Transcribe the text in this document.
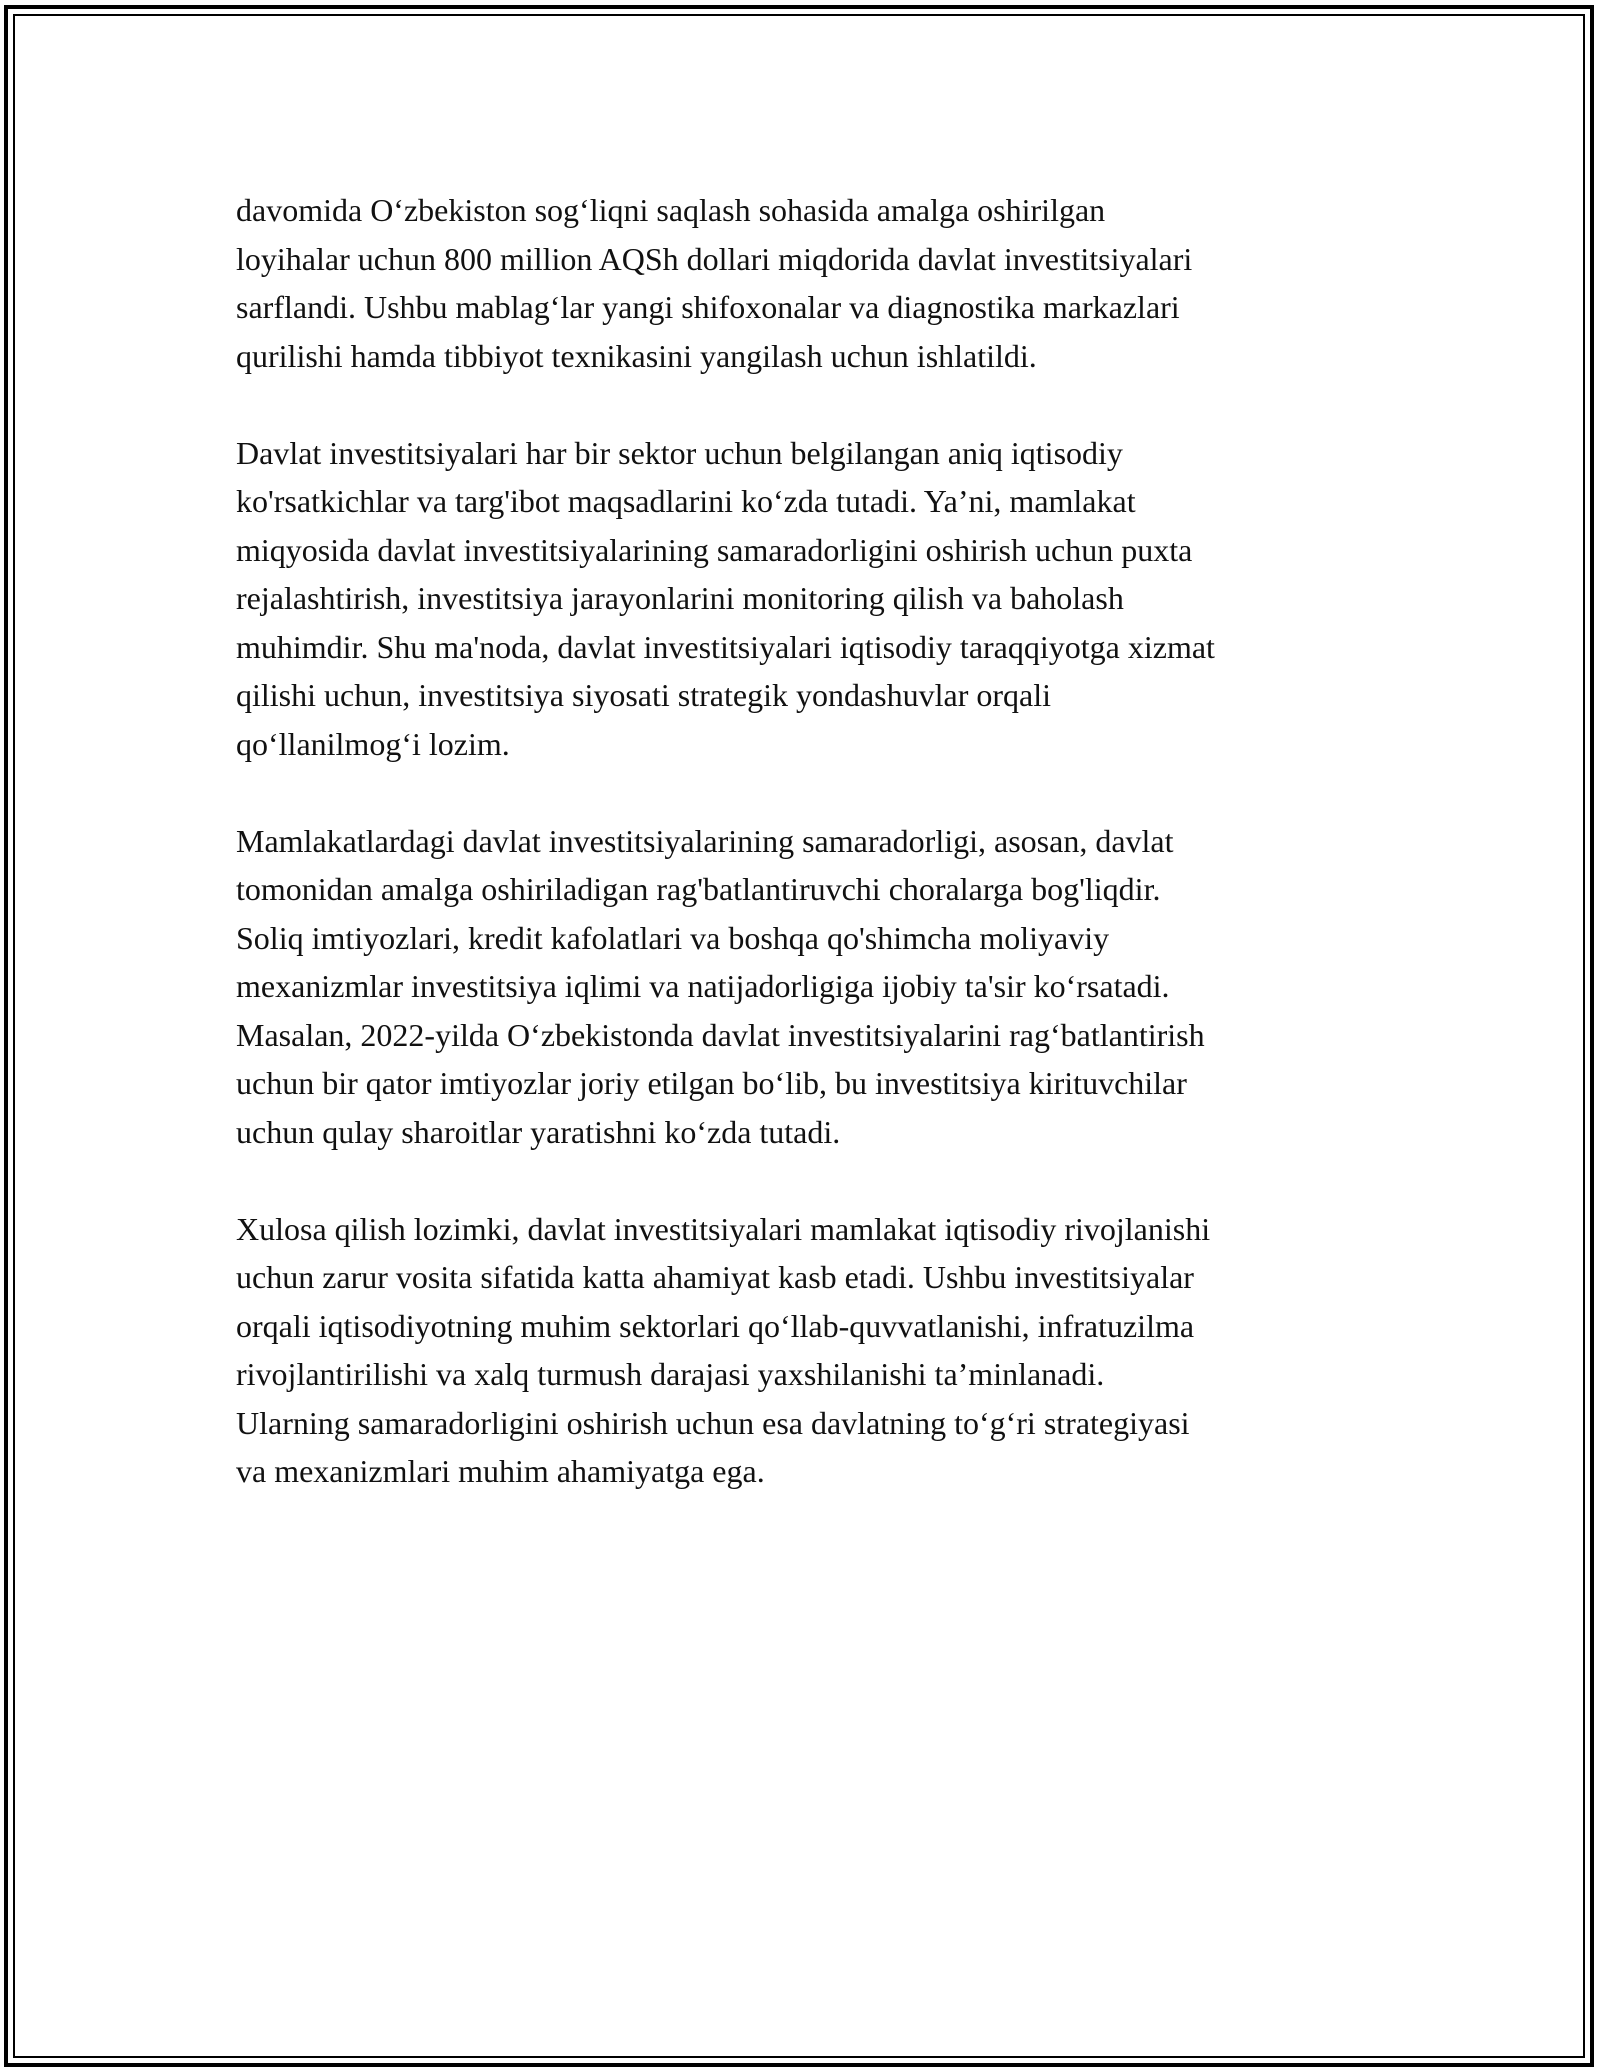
davomida O‘zbekiston sog‘liqni saqlash sohasida amalga oshirilgan
loyihalar uchun 800 million AQSh dollari miqdorida davlat investitsiyalari
sarflandi. Ushbu mablag‘lar yangi shifoxonalar va diagnostika markazlari
qurilishi hamda tibbiyot texnikasini yangilash uchun ishlatildi.

Davlat investitsiyalari har bir sektor uchun belgilangan aniq iqtisodiy
ko'rsatkichlar va targ'ibot maqsadlarini ko‘zda tutadi. Ya’ni, mamlakat
miqyosida davlat investitsiyalarining samaradorligini oshirish uchun puxta
rejalashtirish, investitsiya jarayonlarini monitoring qilish va baholash
muhimdir. Shu ma'noda, davlat investitsiyalari iqtisodiy taraqqiyotga xizmat
qilishi uchun, investitsiya siyosati strategik yondashuvlar orqali
qo‘llanilmog‘i lozim.

Mamlakatlardagi davlat investitsiyalarining samaradorligi, asosan, davlat
tomonidan amalga oshiriladigan rag'batlantiruvchi choralarga bog'liqdir.
Soliq imtiyozlari, kredit kafolatlari va boshqa qo'shimcha moliyaviy
mexanizmlar investitsiya iqlimi va natijadorligiga ijobiy ta'sir ko‘rsatadi.
Masalan, 2022-yilda O‘zbekistonda davlat investitsiyalarini rag‘batlantirish
uchun bir qator imtiyozlar joriy etilgan bo‘lib, bu investitsiya kirituvchilar
uchun qulay sharoitlar yaratishni ko‘zda tutadi.

Xulosa qilish lozimki, davlat investitsiyalari mamlakat iqtisodiy rivojlanishi
uchun zarur vosita sifatida katta ahamiyat kasb etadi. Ushbu investitsiyalar
orqali iqtisodiyotning muhim sektorlari qo‘llab-quvvatlanishi, infratuzilma
rivojlantirilishi va xalq turmush darajasi yaxshilanishi ta’minlanadi.
Ularning samaradorligini oshirish uchun esa davlatning to‘g‘ri strategiyasi
va mexanizmlari muhim ahamiyatga ega.
